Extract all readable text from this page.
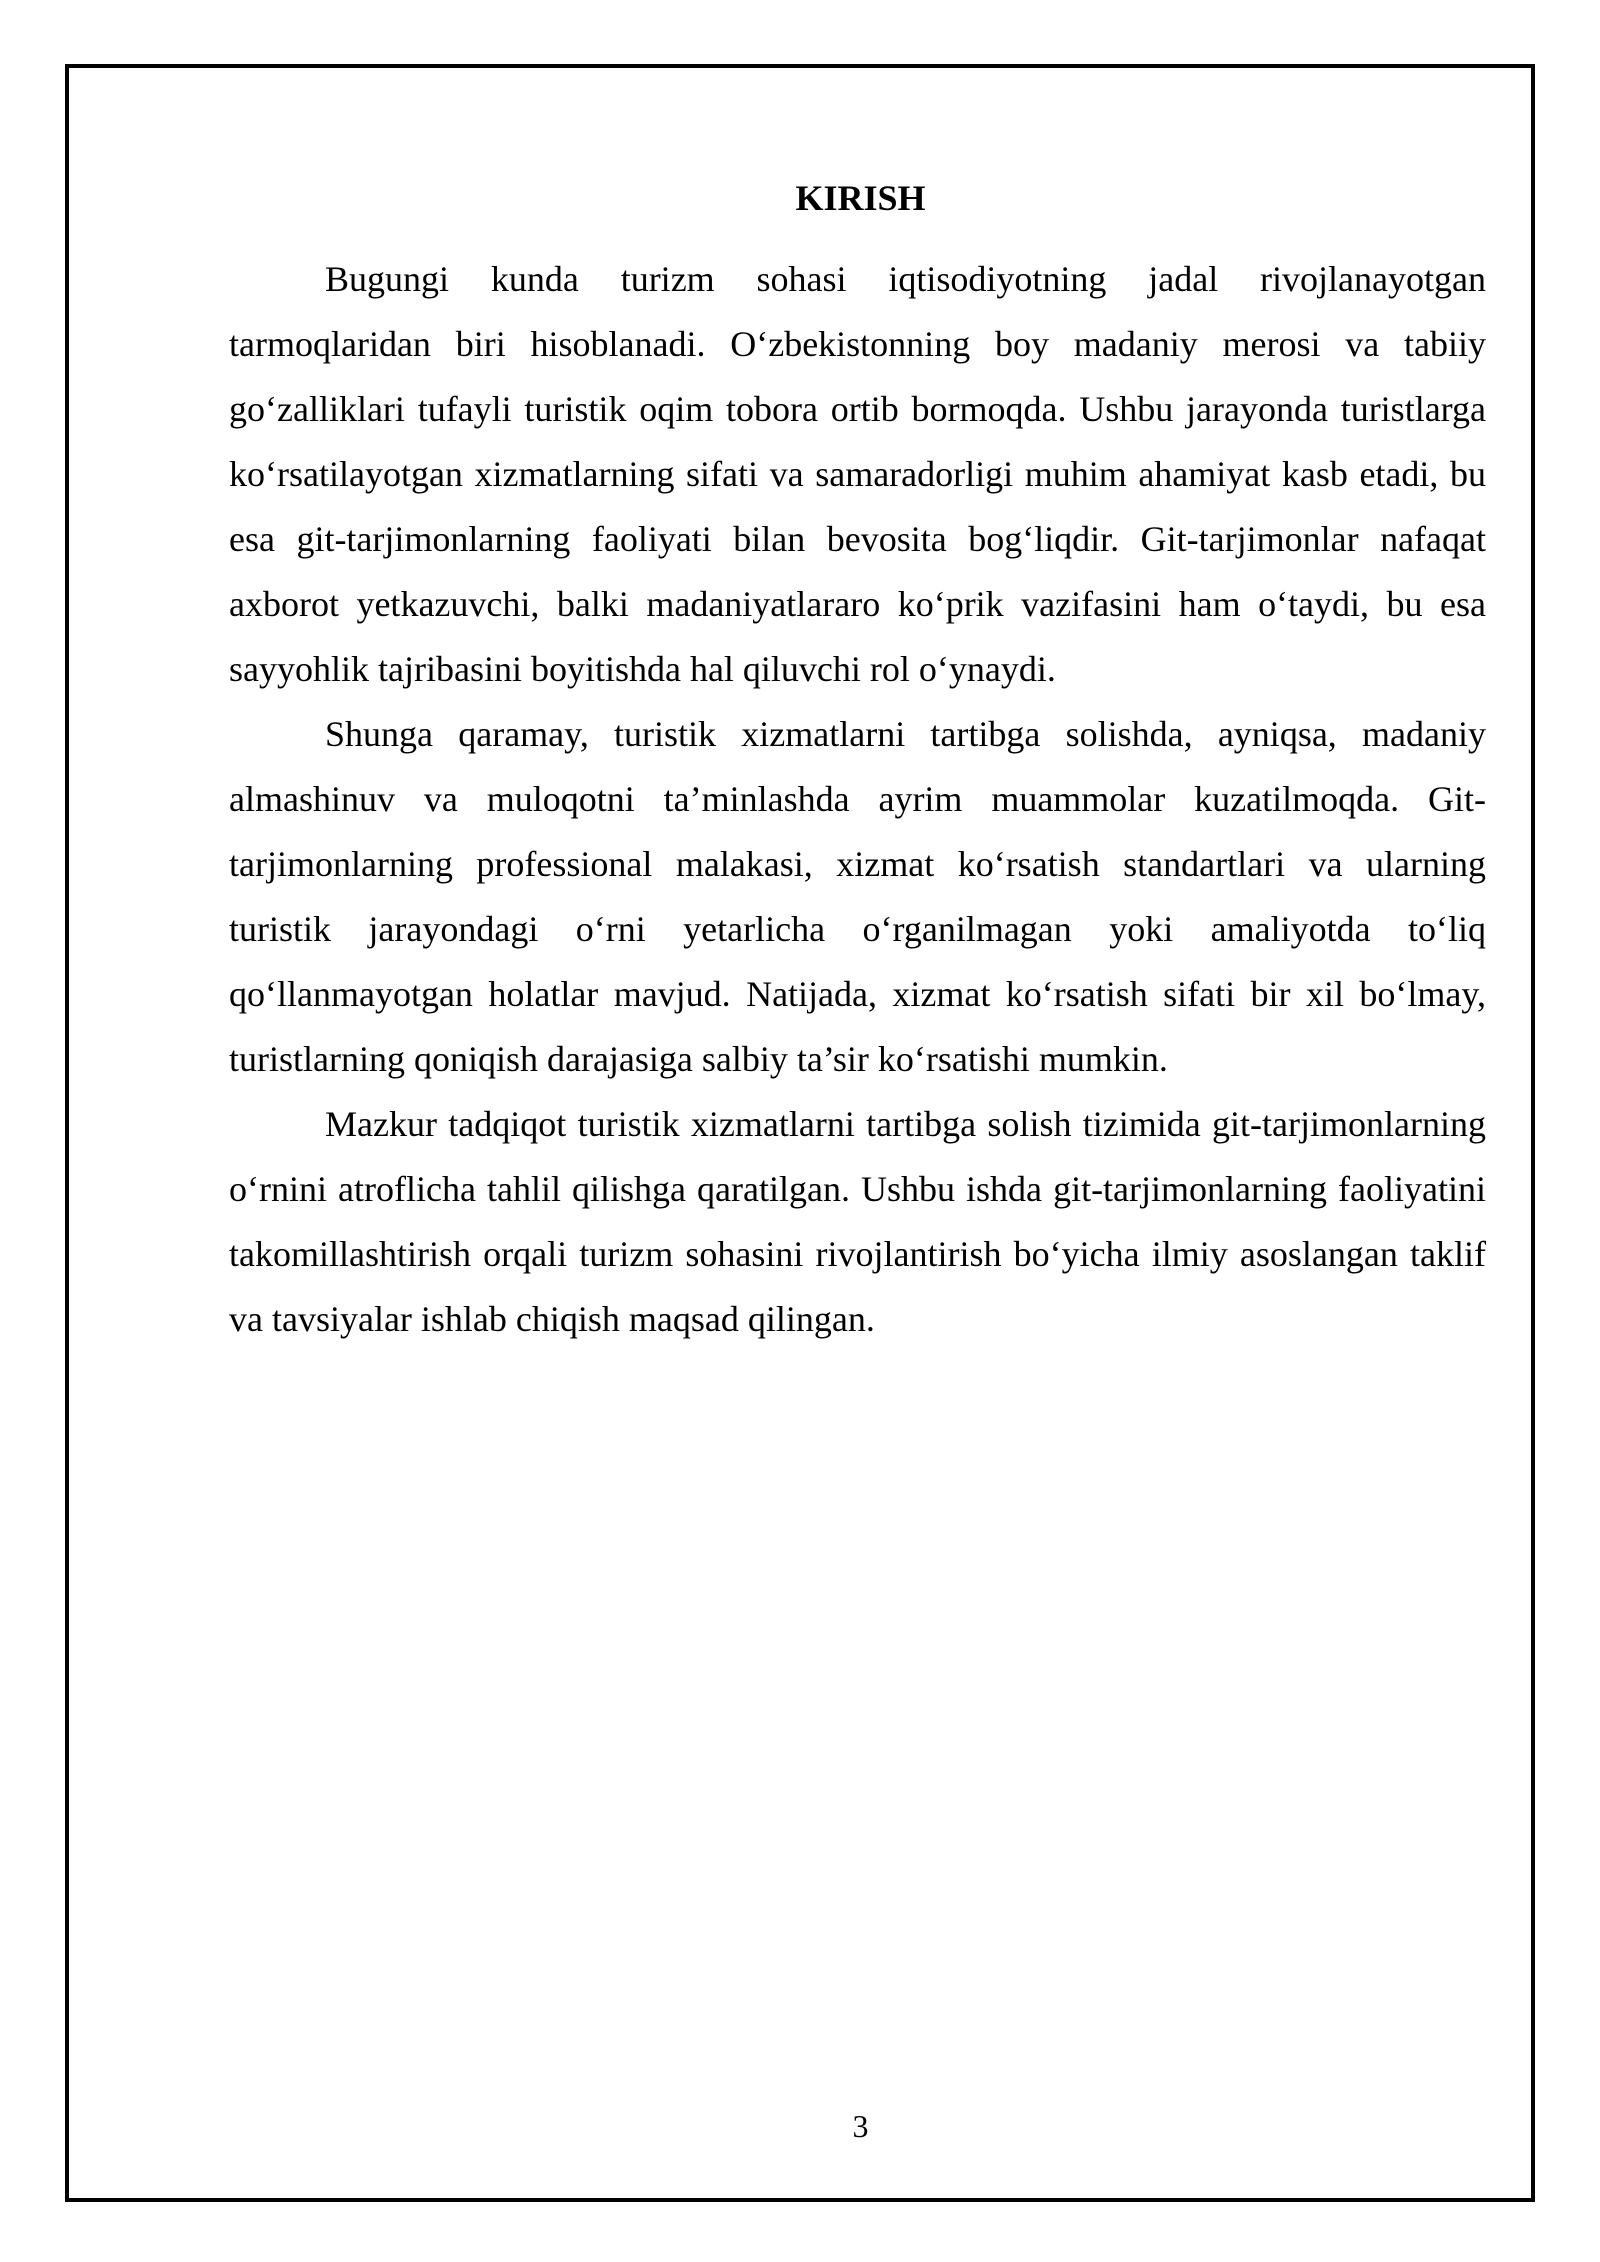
KIRISH

Bugungi kunda turizm sohasi iqtisodiyotning jadal rivojlanayotgan tarmoqlaridan biri hisoblanadi. O‘zbekistonning boy madaniy merosi va tabiiy go‘zalliklari tufayli turistik oqim tobora ortib bormoqda. Ushbu jarayonda turistlarga ko‘rsatilayotgan xizmatlarning sifati va samaradorligi muhim ahamiyat kasb etadi, bu esa git-tarjimonlarning faoliyati bilan bevosita bog‘liqdir. Git-tarjimonlar nafaqat axborot yetkazuvchi, balki madaniyatlararo ko‘prik vazifasini ham o‘taydi, bu esa sayyohlik tajribasini boyitishda hal qiluvchi rol o‘ynaydi.

Shunga qaramay, turistik xizmatlarni tartibga solishda, ayniqsa, madaniy almashinuv va muloqotni ta’minlashda ayrim muammolar kuzatilmoqda. Git-tarjimonlarning professional malakasi, xizmat ko‘rsatish standartlari va ularning turistik jarayondagi o‘rni yetarlicha o‘rganilmagan yoki amaliyotda to‘liq qo‘llanmayotgan holatlar mavjud. Natijada, xizmat ko‘rsatish sifati bir xil bo‘lmay, turistlarning qoniqish darajasiga salbiy ta’sir ko‘rsatishi mumkin.

Mazkur tadqiqot turistik xizmatlarni tartibga solish tizimida git-tarjimonlarning o‘rnini atroflicha tahlil qilishga qaratilgan. Ushbu ishda git-tarjimonlarning faoliyatini takomillashtirish orqali turizm sohasini rivojlantirish bo‘yicha ilmiy asoslangan taklif va tavsiyalar ishlab chiqish maqsad qilingan.

3
